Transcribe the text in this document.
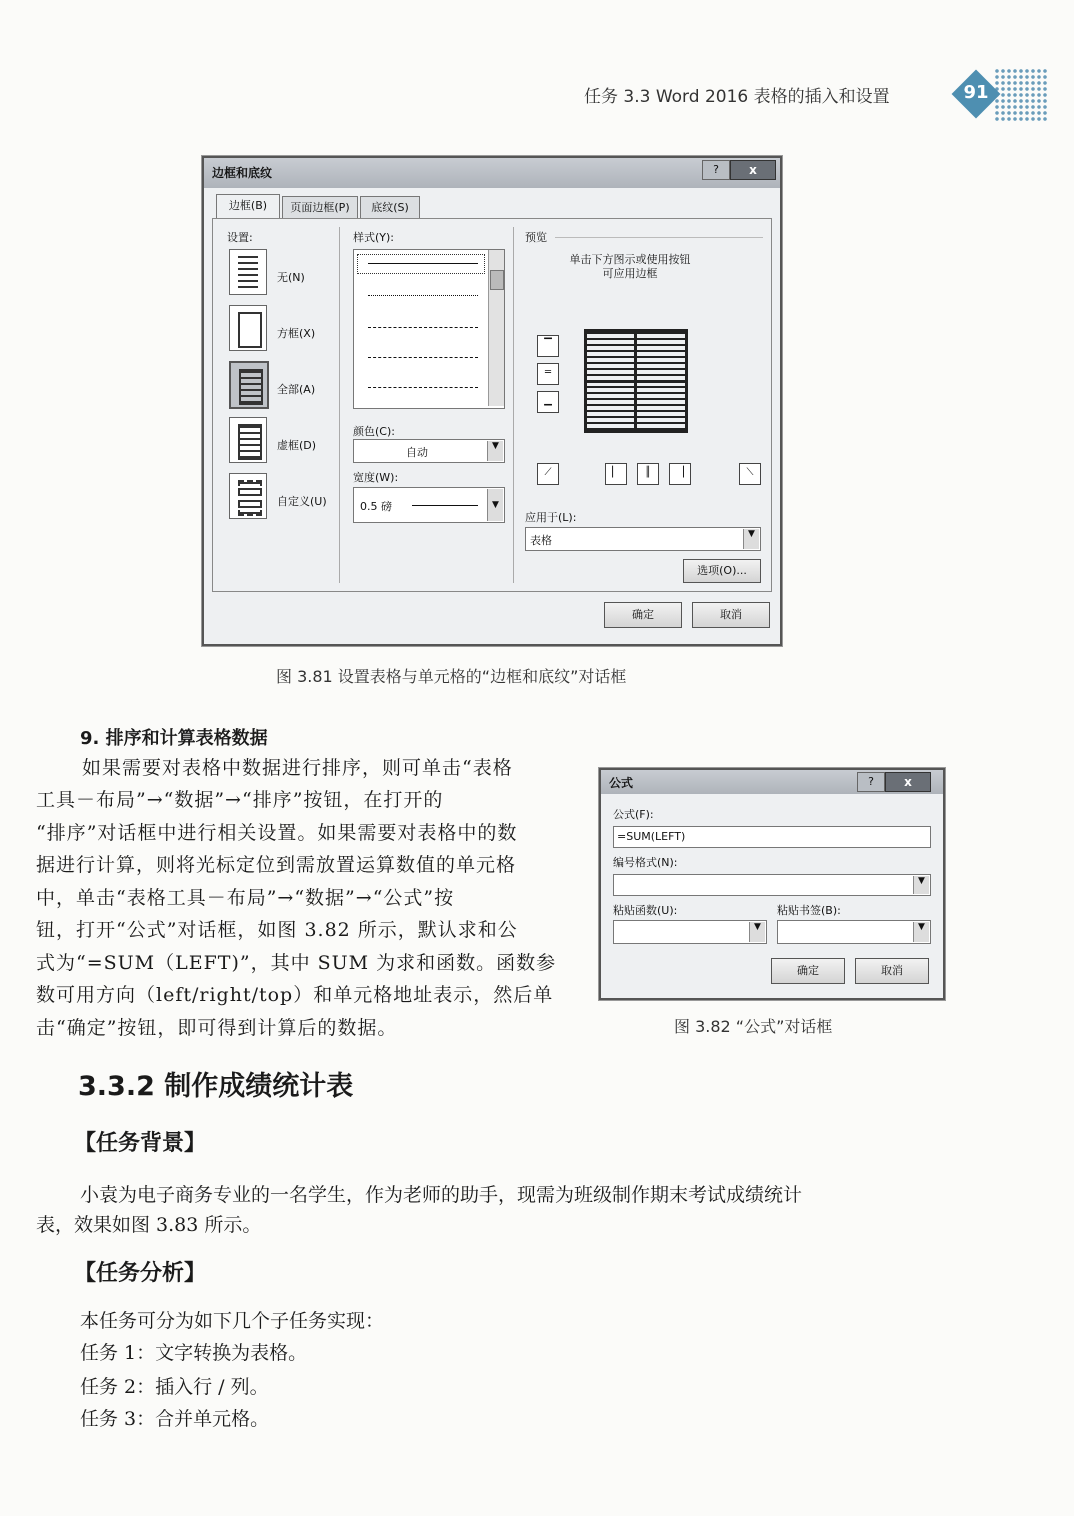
任务 3.3 Word 2016 表格的插入和设置	91
边框和底纹	?	x
边框(B)	页面边框(P)	底纹(S)
设置:
无(N)
方框(X)
全部(A)
虚框(D)
自定义(U)
样式(Y):
颜色(C):
自动	▼
宽度(W):
0.5 磅	▼
预览
单击下方图示或使用按钮可应用边框
▔
═
▁
⟋	▏	║	▕	⟍
应用于(L):
表格	▼
选项(O)...
确定	取消
图 3.81 设置表格与单元格的“边框和底纹”对话框
9. 排序和计算表格数据

如果需要对表格中数据进行排序，则可单击“表格

工具－布局”→“数据”→“排序”按钮，在打开的

“排序”对话框中进行相关设置。如果需要对表格中的数

据进行计算，则将光标定位到需放置运算数值的单元格

中，单击“表格工具－布局”→“数据”→“公式”按

钮，打开“公式”对话框，如图 3.82 所示，默认求和公

式为“=SUM（LEFT)”，其中 SUM 为求和函数。函数参

数可用方向（left/right/top）和单元格地址表示，然后单

击“确定”按钮，即可得到计算后的数据。

公式	?	x
公式(F):
=SUM(LEFT)
编号格式(N):
▼
粘贴函数(U):	粘贴书签(B):
▼	▼
确定	取消
图 3.82 “公式”对话框
3.3.2 制作成绩统计表
【任务背景】
小袁为电子商务专业的一名学生，作为老师的助手，现需为班级制作期末考试成绩统计
表，效果如图 3.83 所示。
【任务分析】
本任务可分为如下几个子任务实现：
任务 1：文字转换为表格。
任务 2：插入行 / 列。
任务 3：合并单元格。
